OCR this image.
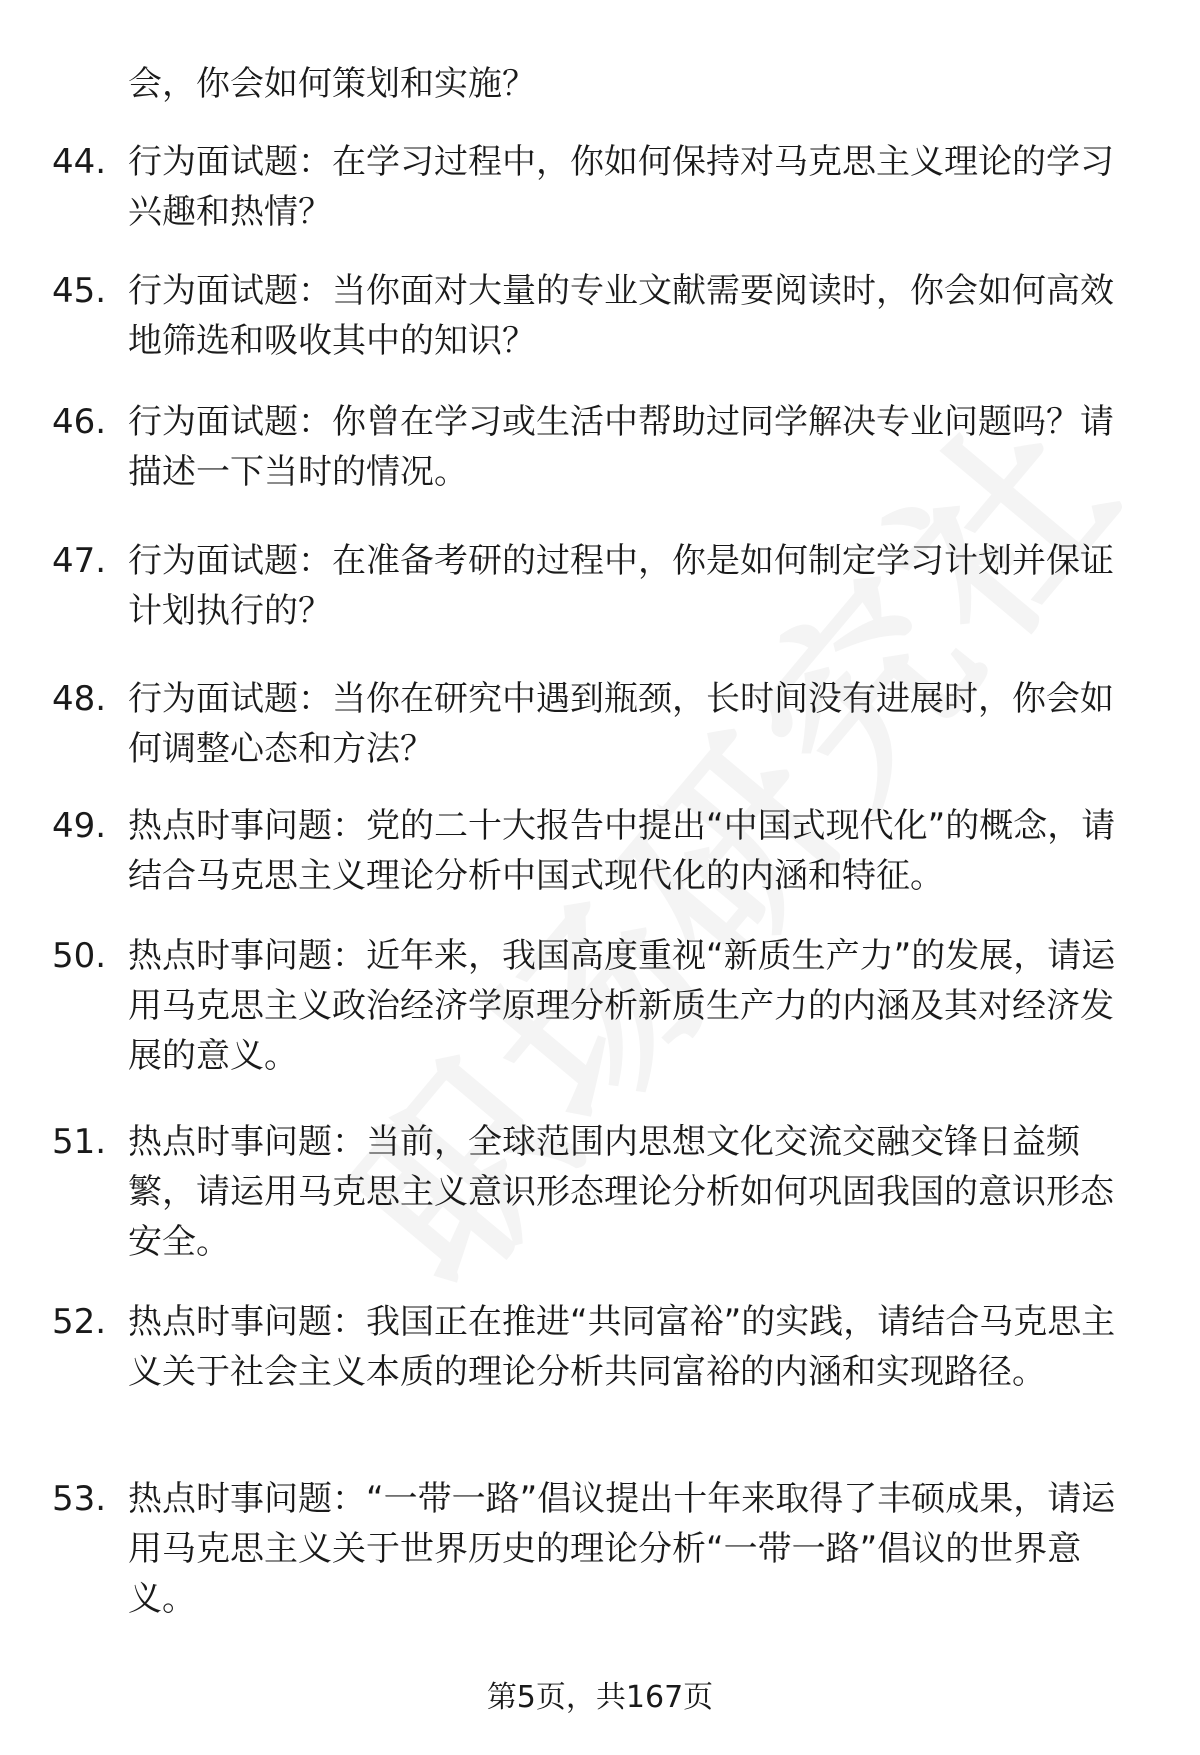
会，你会如何策划和实施？
44. 行为面试题：在学习过程中，你如何保持对马克思主义理论的学习兴趣和热情？
45. 行为面试题：当你面对大量的专业文献需要阅读时，你会如何高效地筛选和吸收其中的知识？
46. 行为面试题：你曾在学习或生活中帮助过同学解决专业问题吗？请描述一下当时的情况。
47. 行为面试题：在准备考研的过程中，你是如何制定学习计划并保证计划执行的？
48. 行为面试题：当你在研究中遇到瓶颈，长时间没有进展时，你会如何调整心态和方法？
49. 热点时事问题：党的二十大报告中提出“中国式现代化”的概念，请结合马克思主义理论分析中国式现代化的内涵和特征。
50. 热点时事问题：近年来，我国高度重视“新质生产力”的发展，请运用马克思主义政治经济学原理分析新质生产力的内涵及其对经济发展的意义。
51. 热点时事问题：当前，全球范围内思想文化交流交融交锋日益频繁，请运用马克思主义意识形态理论分析如何巩固我国的意识形态安全。
52. 热点时事问题：我国正在推进“共同富裕”的实践，请结合马克思主义关于社会主义本质的理论分析共同富裕的内涵和实现路径。
53. 热点时事问题：“一带一路”倡议提出十年来取得了丰硕成果，请运用马克思主义关于世界历史的理论分析“一带一路”倡议的世界意义。
第5页，共167页
